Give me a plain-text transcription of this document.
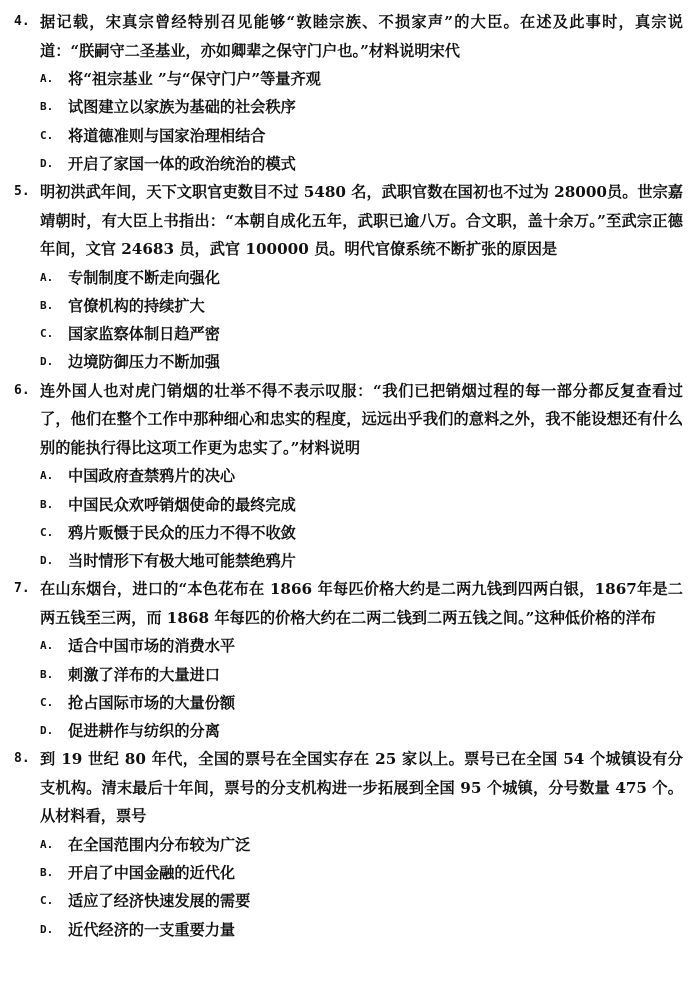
4. 据记载，宋真宗曾经特别召见能够“敦睦宗族、不损家声”的大臣。在述及此事时，真宗说道：“朕嗣守二圣基业，亦如卿辈之保守门户也。”材料说明宋代
A. 将“祖宗基业 ”与“保守门户”等量齐观
B. 试图建立以家族为基础的社会秩序
C. 将道德准则与国家治理相结合
D. 开启了家国一体的政治统治的模式
5. 明初洪武年间，天下文职官吏数目不过 5480 名，武职官数在国初也不过为 28000员。世宗嘉靖朝时，有大臣上书指出：“本朝自成化五年，武职已逾八万。合文职，盖十余万。”至武宗正德年间，文官 24683 员，武官 100000 员。明代官僚系统不断扩张的原因是
A. 专制制度不断走向强化
B. 官僚机构的持续扩大
C. 国家监察体制日趋严密
D. 边境防御压力不断加强
6. 连外国人也对虎门销烟的壮举不得不表示叹服：“我们已把销烟过程的每一部分都反复查看过了，他们在整个工作中那种细心和忠实的程度，远远出乎我们的意料之外，我不能设想还有什么别的能执行得比这项工作更为忠实了。”材料说明
A. 中国政府查禁鸦片的决心
B. 中国民众欢呼销烟使命的最终完成
C. 鸦片贩慑于民众的压力不得不收敛
D. 当时情形下有极大地可能禁绝鸦片
7. 在山东烟台，进口的“本色花布在 1866 年每匹价格大约是二两九钱到四两白银，1867年是二两五钱至三两，而 1868 年每匹的价格大约在二两二钱到二两五钱之间。”这种低价格的洋布
A. 适合中国市场的消费水平
B. 刺激了洋布的大量进口
C. 抢占国际市场的大量份额
D. 促进耕作与纺织的分离
8. 到 19 世纪 80 年代，全国的票号在全国实存在 25 家以上。票号已在全国 54 个城镇设有分支机构。清末最后十年间，票号的分支机构进一步拓展到全国 95 个城镇，分号数量 475 个。从材料看，票号
A. 在全国范围内分布较为广泛
B. 开启了中国金融的近代化
C. 适应了经济快速发展的需要
D. 近代经济的一支重要力量
